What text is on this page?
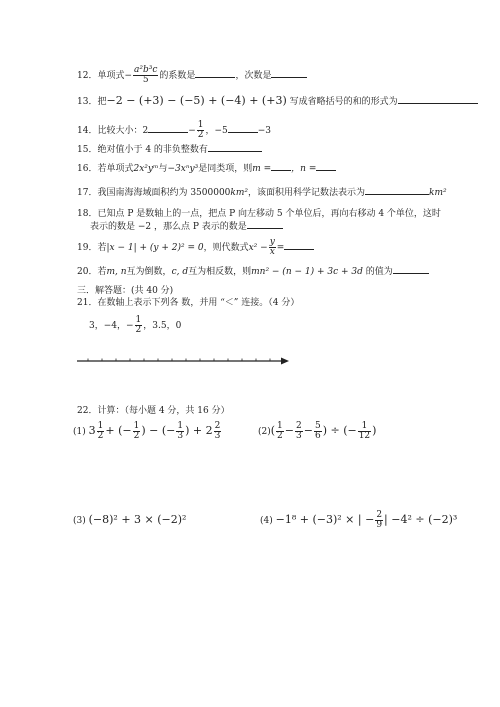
12．单项式− $\frac{\text{a²b³c}}{5}$ 的系数是	，次数是
13．把−2 − (+3) − (−5) + (−4) + (+3) 写成省略括号的和的形式为
14．比较大小：2	− $\frac{1}{2}$ ，−5	−3
15．绝对值小于 4 的非负整数有
16．若单项式2x²yᵐ与−3xⁿy³是同类项，则m = ，n =
17．我国南海海域面积约为 3500000km²，该面积用科学记数法表示为	km²
18．已知点 P 是数轴上的一点，把点 P 向左移动 5 个单位后，再向右移动 4 个单位，这时
表示的数是 −2 ，那么点 P 表示的数是
19．若|x − 1| + (y + 2)² = 0，则代数式$x^2 - \frac{y}{x}$ =
20．若m, n互为倒数，c, d互为相反数，则mn² − (n − 1) + 3c + 3d 的值为
三．解答题：(共 40 分)
21．在数轴上表示下列各 数，并用 “＜” 连接。（4 分）
3，−4，− $\frac{1}{2}$ ，3.5，0
22．计算：（每小题 4 分，共 16 分）
(1) $3 \frac{1}{2}$ + (− $\frac{1}{2}$ ) − (− $\frac{1}{3}$ ) + $2 \frac{2}{3}$	$(2)( \frac{1}{2} - \frac{2}{3} - \frac{5}{6}$ ) ÷ (− $\frac{1}{12}$ )
(3) (−8)² + 3 × (−2)²	(4) −1⁸ + (−3)² × | − $\frac{2}{9}$ | −4² ÷ (−2)³
